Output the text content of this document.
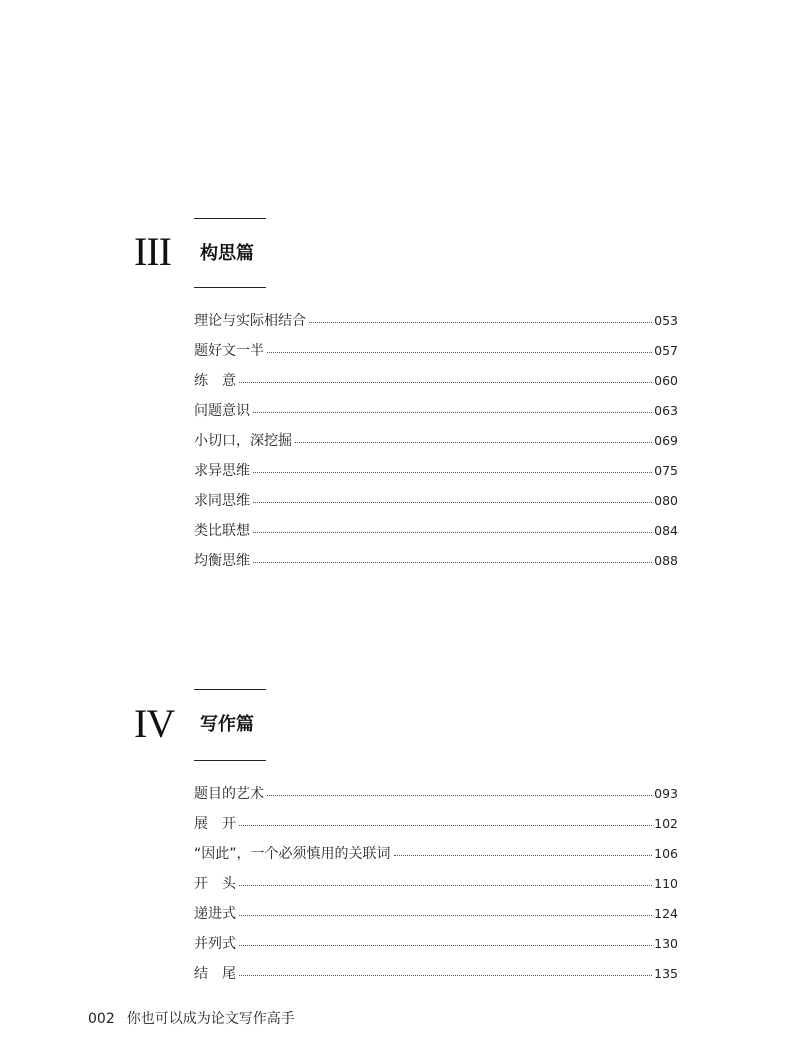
III 构思篇
理论与实际相结合	053
题好文一半	057
练　意	060
问题意识	063
小切口，深挖掘	069
求异思维	075
求同思维	080
类比联想	084
均衡思维	088
IV 写作篇
题目的艺术	093
展　开	102
“因此”，一个必须慎用的关联词	106
开　头	110
递进式	124
并列式	130
结　尾	135
002 你也可以成为论文写作高手
